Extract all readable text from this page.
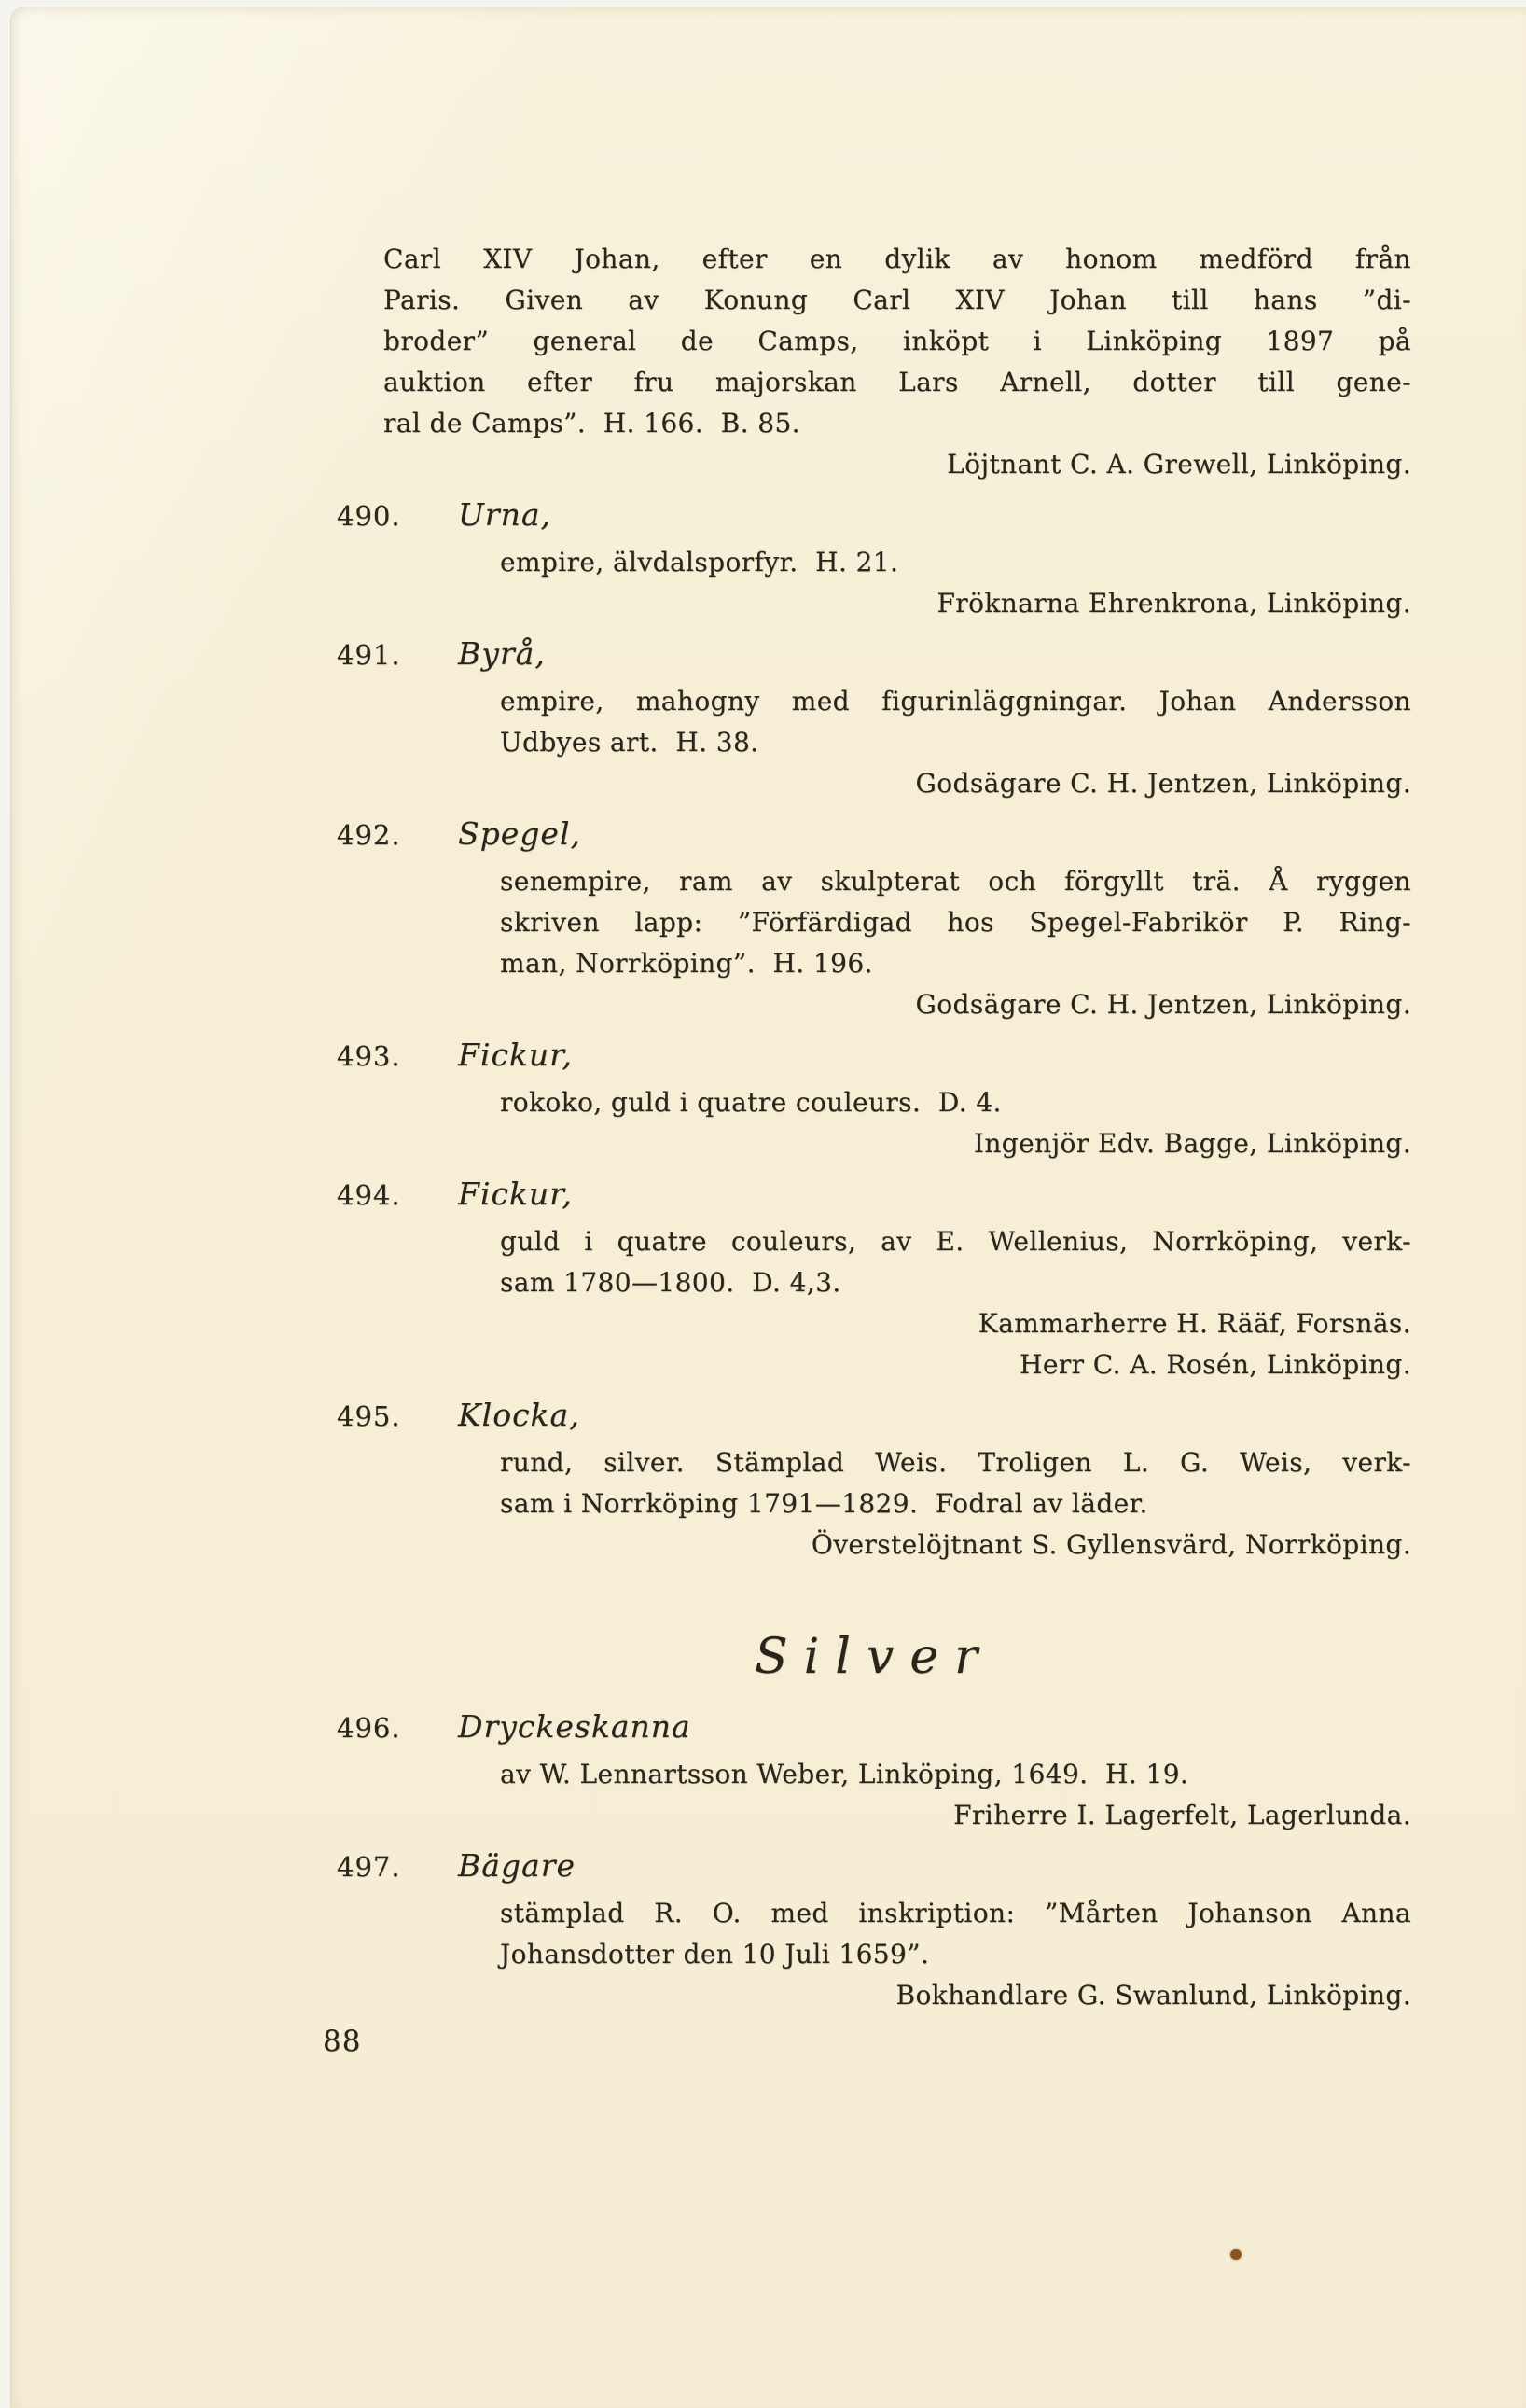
Carl XIV Johan, efter en dylik av honom medförd från
Paris. Given av Konung Carl XIV Johan till hans ”di-
broder” general de Camps, inköpt i Linköping 1897 på
auktion efter fru majorskan Lars Arnell, dotter till gene-
ral de Camps”.  H. 166.  B. 85.
Löjtnant C. A. Grewell, Linköping.
490.	Urna,
empire, älvdalsporfyr.  H. 21.
Fröknarna Ehrenkrona, Linköping.
491.	Byrå,
empire, mahogny med figurinläggningar. Johan Andersson
Udbyes art.  H. 38.
Godsägare C. H. Jentzen, Linköping.
492.	Spegel,
senempire, ram av skulpterat och förgyllt trä. Å ryggen
skriven lapp: ”Förfärdigad hos Spegel-Fabrikör P. Ring-
man, Norrköping”.  H. 196.
Godsägare C. H. Jentzen, Linköping.
493.	Fickur,
rokoko, guld i quatre couleurs.  D. 4.
Ingenjör Edv. Bagge, Linköping.
494.	Fickur,
guld i quatre couleurs, av E. Wellenius, Norrköping, verk-
sam 1780—1800.  D. 4,3.
Kammarherre H. Rääf, Forsnäs.
Herr C. A. Rosén, Linköping.
495.	Klocka,
rund, silver. Stämplad Weis. Troligen L. G. Weis, verk-
sam i Norrköping 1791—1829.  Fodral av läder.
Överstelöjtnant S. Gyllensvärd, Norrköping.
Silver
496.	Dryckeskanna
av W. Lennartsson Weber, Linköping, 1649.  H. 19.
Friherre I. Lagerfelt, Lagerlunda.
497.	Bägare
stämplad R. O. med inskription: ”Mårten Johanson Anna
Johansdotter den 10 Juli 1659”.
Bokhandlare G. Swanlund, Linköping.
88
